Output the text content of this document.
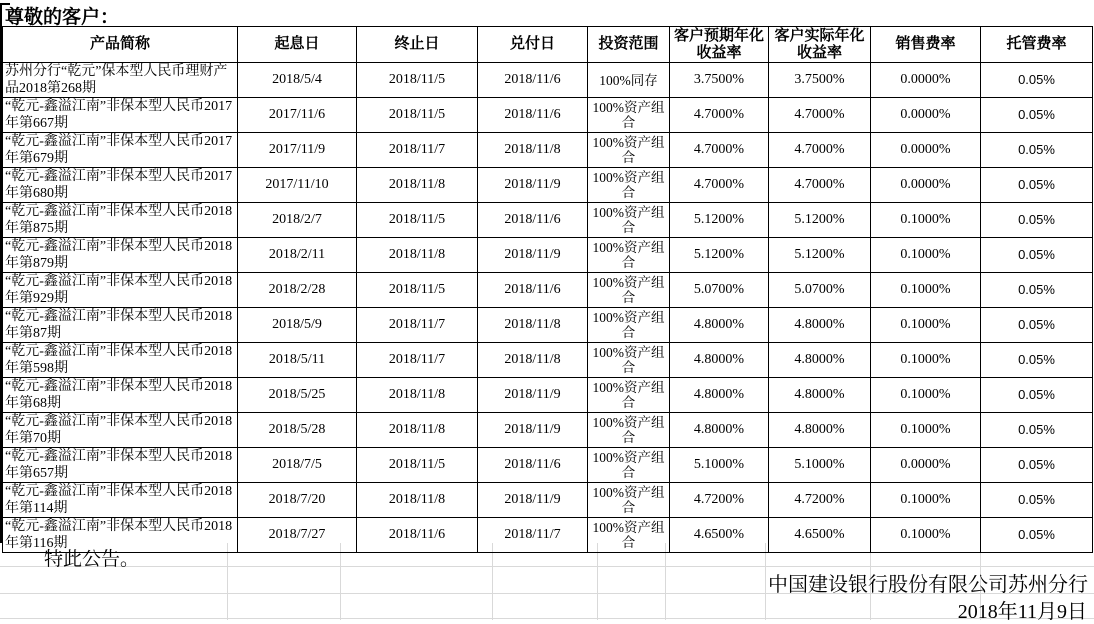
尊敬的客户：
产品简称	起息日	终止日	兑付日	投资范围	客户预期年化收益率	客户实际年化收益率	销售费率	托管费率
苏州分行“乾元”保本型人民币理财产品2018第268期	2018/5/4	2018/11/5	2018/11/6	100%同存	3.7500%	3.7500%	0.0000%	0.05%
“乾元-鑫溢江南”非保本型人民币2017年第667期	2017/11/6	2018/11/5	2018/11/6	100%资产组合	4.7000%	4.7000%	0.0000%	0.05%
“乾元-鑫溢江南”非保本型人民币2017年第679期	2017/11/9	2018/11/7	2018/11/8	100%资产组合	4.7000%	4.7000%	0.0000%	0.05%
“乾元-鑫溢江南”非保本型人民币2017年第680期	2017/11/10	2018/11/8	2018/11/9	100%资产组合	4.7000%	4.7000%	0.0000%	0.05%
“乾元-鑫溢江南”非保本型人民币2018年第875期	2018/2/7	2018/11/5	2018/11/6	100%资产组合	5.1200%	5.1200%	0.1000%	0.05%
“乾元-鑫溢江南”非保本型人民币2018年第879期	2018/2/11	2018/11/8	2018/11/9	100%资产组合	5.1200%	5.1200%	0.1000%	0.05%
“乾元-鑫溢江南”非保本型人民币2018年第929期	2018/2/28	2018/11/5	2018/11/6	100%资产组合	5.0700%	5.0700%	0.1000%	0.05%
“乾元-鑫溢江南”非保本型人民币2018年第87期	2018/5/9	2018/11/7	2018/11/8	100%资产组合	4.8000%	4.8000%	0.1000%	0.05%
“乾元-鑫溢江南”非保本型人民币2018年第598期	2018/5/11	2018/11/7	2018/11/8	100%资产组合	4.8000%	4.8000%	0.1000%	0.05%
“乾元-鑫溢江南”非保本型人民币2018年第68期	2018/5/25	2018/11/8	2018/11/9	100%资产组合	4.8000%	4.8000%	0.1000%	0.05%
“乾元-鑫溢江南”非保本型人民币2018年第70期	2018/5/28	2018/11/8	2018/11/9	100%资产组合	4.8000%	4.8000%	0.1000%	0.05%
“乾元-鑫溢江南”非保本型人民币2018年第657期	2018/7/5	2018/11/5	2018/11/6	100%资产组合	5.1000%	5.1000%	0.0000%	0.05%
“乾元-鑫溢江南”非保本型人民币2018年第114期	2018/7/20	2018/11/8	2018/11/9	100%资产组合	4.7200%	4.7200%	0.1000%	0.05%
“乾元-鑫溢江南”非保本型人民币2018年第116期	2018/7/27	2018/11/6	2018/11/7	100%资产组合	4.6500%	4.6500%	0.1000%	0.05%
特此公告。
中国建设银行股份有限公司苏州分行
2018年11月9日
